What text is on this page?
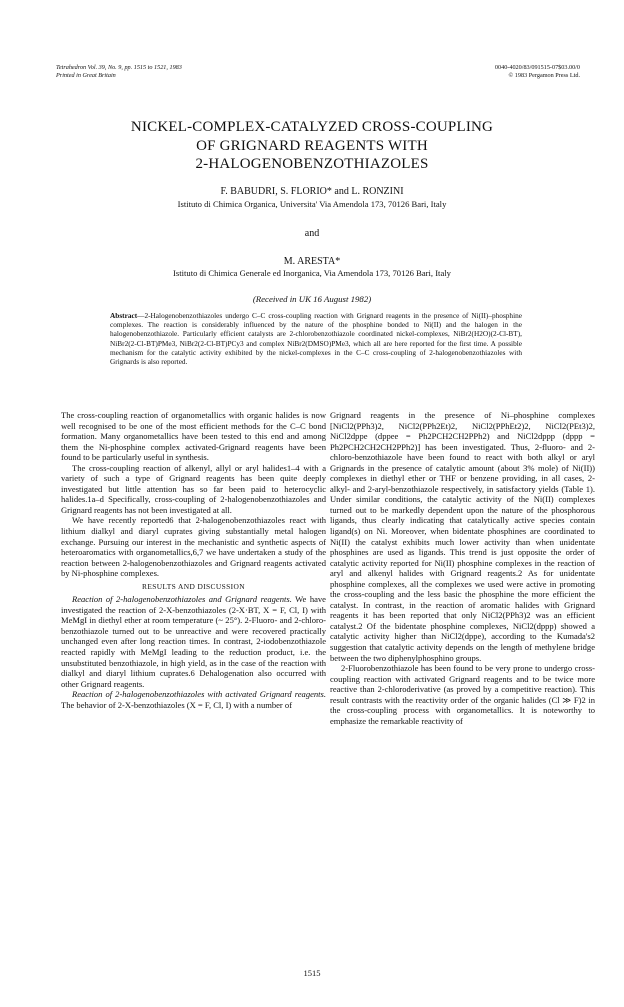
Tetrahedron Vol. 39, No. 9, pp. 1515 to 1521, 1983
Printed in Great Britain
0040-4020/83/091515-07$03.00/0
© 1983 Pergamon Press Ltd.
NICKEL-COMPLEX-CATALYZED CROSS-COUPLING
OF GRIGNARD REAGENTS WITH
2-HALOGENOBENZOTHIAZOLES
F. BABUDRI, S. FLORIO* and L. RONZINI
Istituto di Chimica Organica, Universita' Via Amendola 173, 70126 Bari, Italy
and
M. ARESTA*
Istituto di Chimica Generale ed Inorganica, Via Amendola 173, 70126 Bari, Italy
(Received in UK 16 August 1982)
Abstract—2-Halogenobenzothiazoles undergo C–C cross-coupling reaction with Grignard reagents in the presence of Ni(II)–phosphine complexes. The reaction is considerably influenced by the nature of the phosphine bonded to Ni(II) and the halogen in the halogenobenzothiazole. Particularly efficient catalysts are 2-chlorobenzothiazole coordinated nickel-complexes, NiBr2(H2O)(2-Cl-BT), NiBr2(2-Cl-BT)PMe3, NiBr2(2-Cl-BT)PCy3 and complex NiBr2(DMSO)PMe3, which all are here reported for the first time. A possible mechanism for the catalytic activity exhibited by the nickel-complexes in the C–C cross-coupling of 2-halogenobenzothiazoles with Grignards is also reported.

The cross-coupling reaction of organometallics with organic halides is now well recognised to be one of the most efficient methods for the C–C bond formation. Many organometallics have been tested to this end and among them the Ni-phosphine complex activated-Grignard reagents have been found to be particularly useful in synthesis.

The cross-coupling reaction of alkenyl, allyl or aryl halides1–4 with a variety of such a type of Grignard reagents has been quite deeply investigated but little attention has so far been paid to heterocyclic halides.1a–d Specifically, cross-coupling of 2-halogenobenzothiazoles and Grignard reagents has not been investigated at all.

We have recently reported6 that 2-halogenobenzothiazoles react with lithium dialkyl and diaryl cuprates giving substantially metal halogen exchange. Pursuing our interest in the mechanistic and synthetic aspects of heteroaromatics with organometallics,6,7 we have undertaken a study of the reaction between 2-halogenobenzothiazoles and Grignard reagents activated by Ni-phosphine complexes.

RESULTS AND DISCUSSION

Reaction of 2-halogenobenzothiazoles and Grignard reagents. We have investigated the reaction of 2-X-benzothiazoles (2-X·BT, X = F, Cl, I) with MeMgI in diethyl ether at room temperature (~ 25°). 2-Fluoro- and 2-chloro-benzothiazole turned out to be unreactive and were recovered practically unchanged even after long reaction times. In contrast, 2-iodobenzothiazole reacted rapidly with MeMgI leading to the reduction product, i.e. the unsubstituted benzothiazole, in high yield, as in the case of the reaction with dialkyl and diaryl lithium cuprates.6 Dehalogenation also occurred with other Grignard reagents.

Reaction of 2-halogenobenzothiazoles with activated Grignard reagents. The behavior of 2-X-benzothiazoles (X = F, Cl, I) with a number of

Grignard reagents in the presence of Ni–phosphine complexes [NiCl2(PPh3)2, NiCl2(PPh2Et)2, NiCl2(PPhEt2)2, NiCl2(PEt3)2, NiCl2dppe (dppee = Ph2PCH2CH2PPh2) and NiCl2dppp (dppp = Ph2PCH2CH2CH2PPh2)] has been investigated. Thus, 2-fluoro- and 2-chloro-benzothiazole have been found to react with both alkyl or aryl Grignards in the presence of catalytic amount (about 3% mole) of Ni(II)) complexes in diethyl ether or THF or benzene providing, in all cases, 2-alkyl- and 2-aryl-benzothiazole respectively, in satisfactory yields (Table 1). Under similar conditions, the catalytic activity of the Ni(II) complexes turned out to be markedly dependent upon the nature of the phosphorous ligands, thus clearly indicating that catalytically active species contain ligand(s) on Ni. Moreover, when bidentate phosphines are coordinated to Ni(II) the catalyst exhibits much lower activity than when unidentate phosphines are used as ligands. This trend is just opposite the order of catalytic activity reported for Ni(II) phosphine complexes in the reaction of aryl and alkenyl halides with Grignard reagents.2 As for unidentate phosphine complexes, all the complexes we used were active in promoting the cross-coupling and the less basic the phosphine the more efficient the catalyst. In contrast, in the reaction of aromatic halides with Grignard reagents it has been reported that only NiCl2(PPh3)2 was an efficient catalyst.2 Of the bidentate phosphine complexes, NiCl2(dppp) showed a catalytic activity higher than NiCl2(dppe), according to the Kumada's2 suggestion that catalytic activity depends on the length of methylene bridge between the two diphenylphosphino groups.

2-Fluorobenzothiazole has been found to be very prone to undergo cross-coupling reaction with activated Grignard reagents and to be twice more reactive than 2-chloroderivative (as proved by a competitive reaction). This result contrasts with the reactivity order of the organic halides (Cl ≫ F)2 in the cross-coupling process with organometallics. It is noteworthy to emphasize the remarkable reactivity of

1515
